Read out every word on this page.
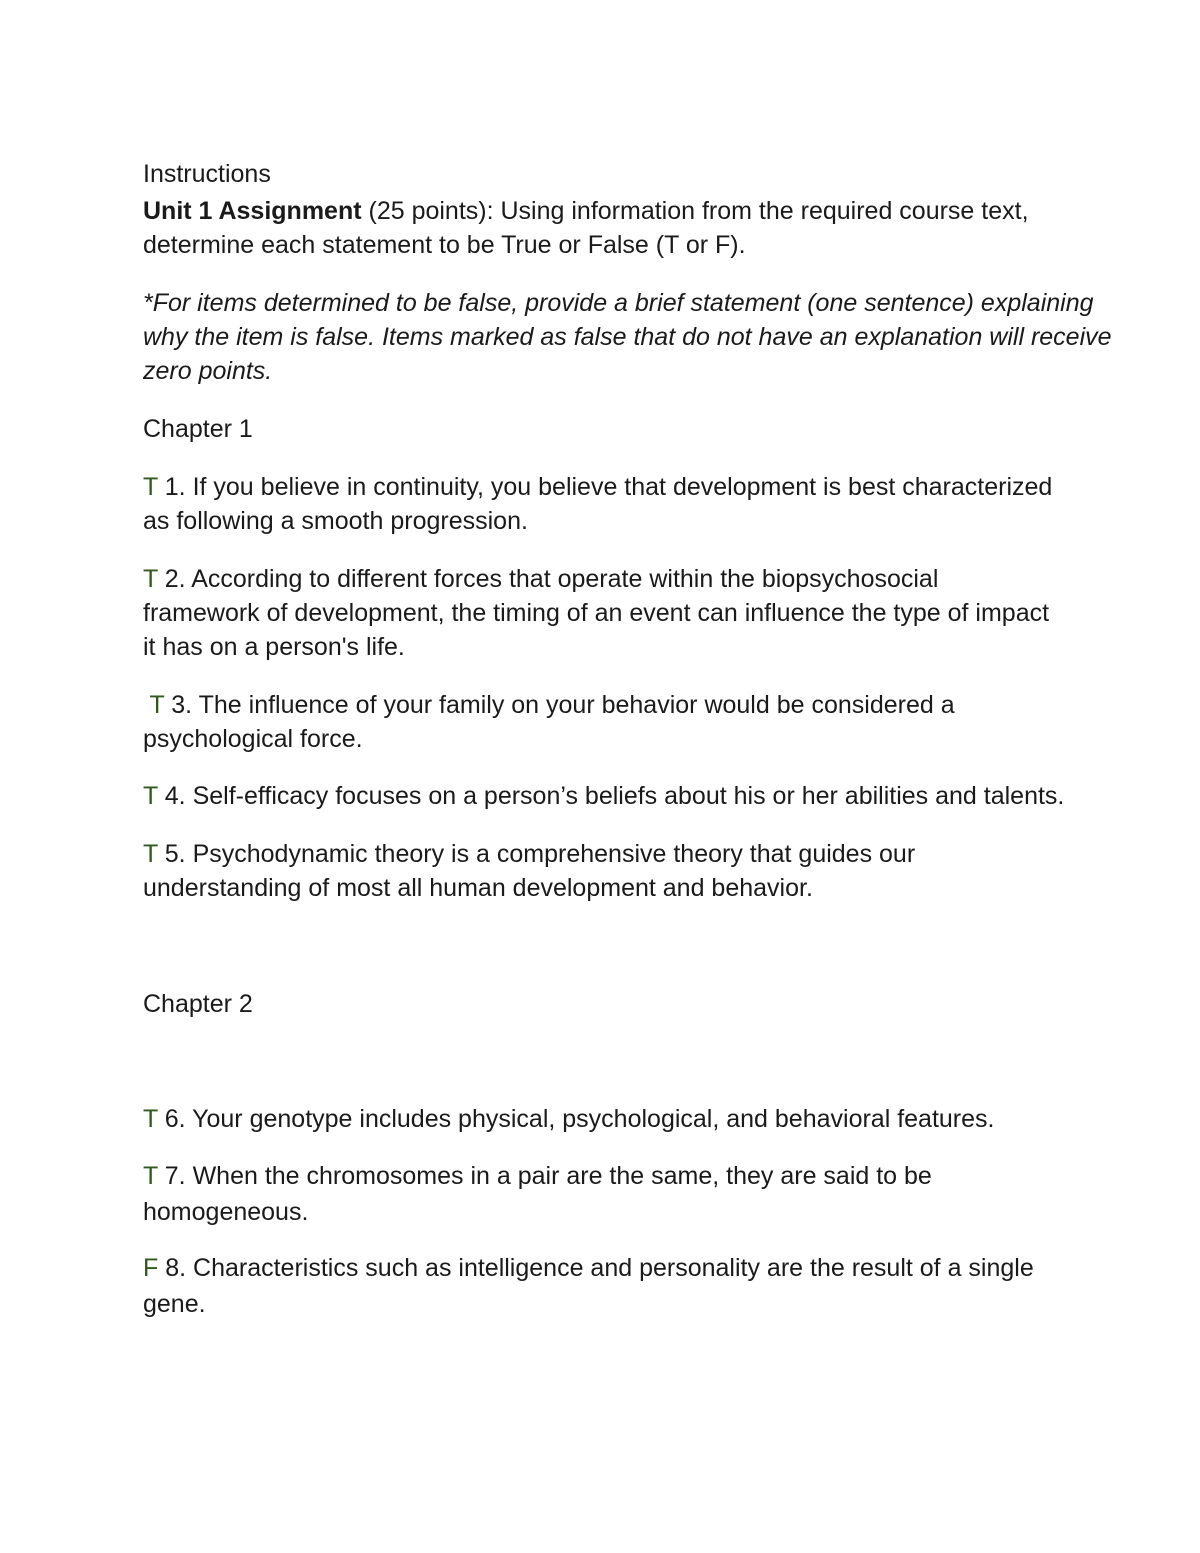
Instructions
Unit 1 Assignment (25 points): Using information from the required course text,
determine each statement to be True or False (T or F).
*For items determined to be false, provide a brief statement (one sentence) explaining
why the item is false. Items marked as false that do not have an explanation will receive
zero points.
Chapter 1
T 1. If you believe in continuity, you believe that development is best characterized
as following a smooth progression.
T 2. According to different forces that operate within the biopsychosocial
framework of development, the timing of an event can influence the type of impact
it has on a person's life.
T 3. The influence of your family on your behavior would be considered a
psychological force.
T 4. Self-efficacy focuses on a person’s beliefs about his or her abilities and talents.
T 5. Psychodynamic theory is a comprehensive theory that guides our
understanding of most all human development and behavior.
Chapter 2
T 6. Your genotype includes physical, psychological, and behavioral features.
T 7. When the chromosomes in a pair are the same, they are said to be
homogeneous.
F 8. Characteristics such as intelligence and personality are the result of a single
gene.
